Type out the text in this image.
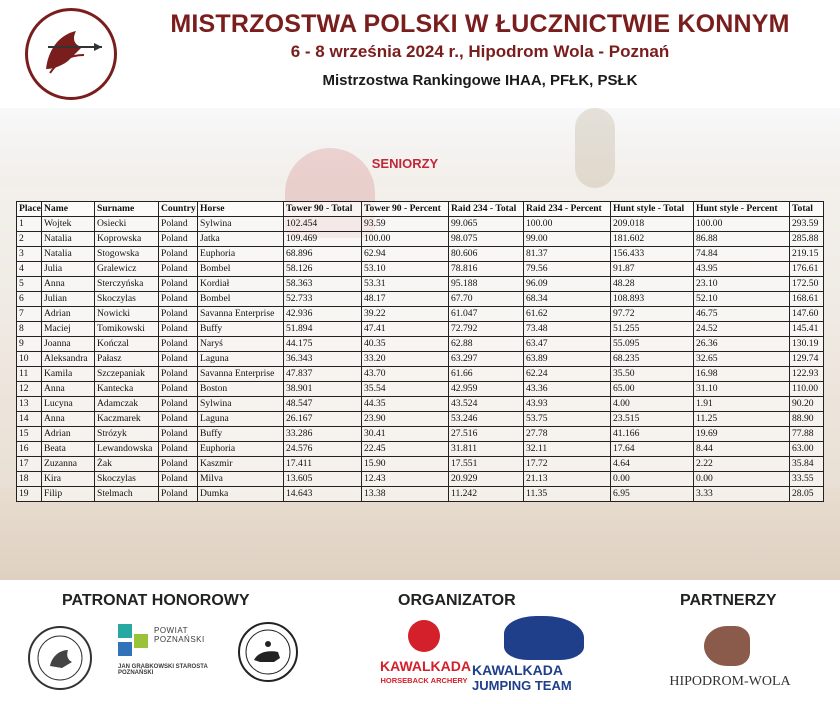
MISTRZOSTWA POLSKI W ŁUCZNICTWIE KONNYM
6 - 8 września 2024 r., Hipodrom Wola - Poznań
Mistrzostwa Rankingowe IHAA, PFŁK, PSŁK
SENIORZY
Place	Name	Surname	Country	Horse	Tower 90 - Total	Tower 90 - Percent	Raid 234 - Total	Raid 234 - Percent	Hunt style - Total	Hunt style - Percent	Total
1	Wojtek	Osiecki	Poland	Sylwina	102.454	93.59	99.065	100.00	209.018	100.00	293.59
2	Natalia	Koprowska	Poland	Jatka	109.469	100.00	98.075	99.00	181.602	86.88	285.88
3	Natalia	Stogowska	Poland	Euphoria	68.896	62.94	80.606	81.37	156.433	74.84	219.15
4	Julia	Gralewicz	Poland	Bombel	58.126	53.10	78.816	79.56	91.87	43.95	176.61
5	Anna	Sterczyńska	Poland	Kordiał	58.363	53.31	95.188	96.09	48.28	23.10	172.50
6	Julian	Skoczylas	Poland	Bombel	52.733	48.17	67.70	68.34	108.893	52.10	168.61
7	Adrian	Nowicki	Poland	Savanna Enterprise	42.936	39.22	61.047	61.62	97.72	46.75	147.60
8	Maciej	Tomikowski	Poland	Buffy	51.894	47.41	72.792	73.48	51.255	24.52	145.41
9	Joanna	Kończal	Poland	Naryś	44.175	40.35	62.88	63.47	55.095	26.36	130.19
10	Aleksandra	Pałasz	Poland	Laguna	36.343	33.20	63.297	63.89	68.235	32.65	129.74
11	Kamila	Szczepaniak	Poland	Savanna Enterprise	47.837	43.70	61.66	62.24	35.50	16.98	122.93
12	Anna	Kantecka	Poland	Boston	38.901	35.54	42.959	43.36	65.00	31.10	110.00
13	Lucyna	Adamczak	Poland	Sylwina	48.547	44.35	43.524	43.93	4.00	1.91	90.20
14	Anna	Kaczmarek	Poland	Laguna	26.167	23.90	53.246	53.75	23.515	11.25	88.90
15	Adrian	Strózyk	Poland	Buffy	33.286	30.41	27.516	27.78	41.166	19.69	77.88
16	Beata	Lewandowska	Poland	Euphoria	24.576	22.45	31.811	32.11	17.64	8.44	63.00
17	Zuzanna	Żak	Poland	Kaszmir	17.411	15.90	17.551	17.72	4.64	2.22	35.84
18	Kira	Skoczylas	Poland	Milva	13.605	12.43	20.929	21.13	0.00	0.00	33.55
19	Filip	Stelmach	Poland	Dumka	14.643	13.38	11.242	11.35	6.95	3.33	28.05
PATRONAT HONOROWY	ORGANIZATOR	PARTNERZY
POWIAT POZNAŃSKI
JAN GRABKOWSKI STAROSTA POZNAŃSKI	KAWALKADA
HORSEBACK ARCHERY
KAWALKADA
JUMPING TEAM	HIPODROM-WOLA
